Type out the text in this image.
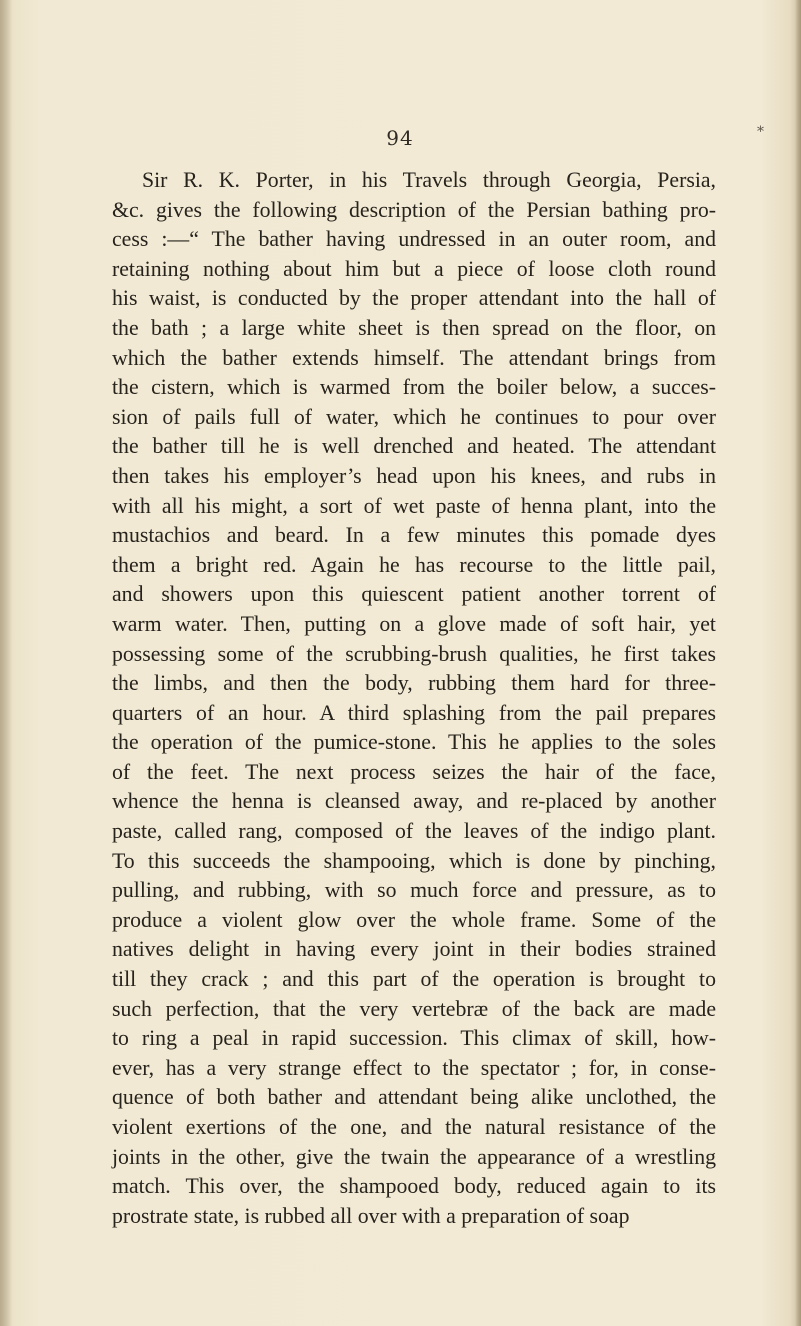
94	*
Sir R. K. Porter, in his Travels through Georgia, Persia,
&c. gives the following description of the Persian bathing pro-
cess :—“ The bather having undressed in an outer room, and
retaining nothing about him but a piece of loose cloth round
his waist, is conducted by the proper attendant into the hall of
the bath ; a large white sheet is then spread on the floor, on
which the bather extends himself. The attendant brings from
the cistern, which is warmed from the boiler below, a succes-
sion of pails full of water, which he continues to pour over
the bather till he is well drenched and heated. The attendant
then takes his employer’s head upon his knees, and rubs in
with all his might, a sort of wet paste of henna plant, into the
mustachios and beard. In a few minutes this pomade dyes
them a bright red. Again he has recourse to the little pail,
and showers upon this quiescent patient another torrent of
warm water. Then, putting on a glove made of soft hair, yet
possessing some of the scrubbing-brush qualities, he first takes
the limbs, and then the body, rubbing them hard for three-
quarters of an hour. A third splashing from the pail prepares
the operation of the pumice-stone. This he applies to the soles
of the feet. The next process seizes the hair of the face,
whence the henna is cleansed away, and re-placed by another
paste, called rang, composed of the leaves of the indigo plant.
To this succeeds the shampooing, which is done by pinching,
pulling, and rubbing, with so much force and pressure, as to
produce a violent glow over the whole frame. Some of the
natives delight in having every joint in their bodies strained
till they crack ; and this part of the operation is brought to
such perfection, that the very vertebræ of the back are made
to ring a peal in rapid succession. This climax of skill, how-
ever, has a very strange effect to the spectator ; for, in conse-
quence of both bather and attendant being alike unclothed, the
violent exertions of the one, and the natural resistance of the
joints in the other, give the twain the appearance of a wrestling
match. This over, the shampooed body, reduced again to its
prostrate state, is rubbed all over with a preparation of soap
